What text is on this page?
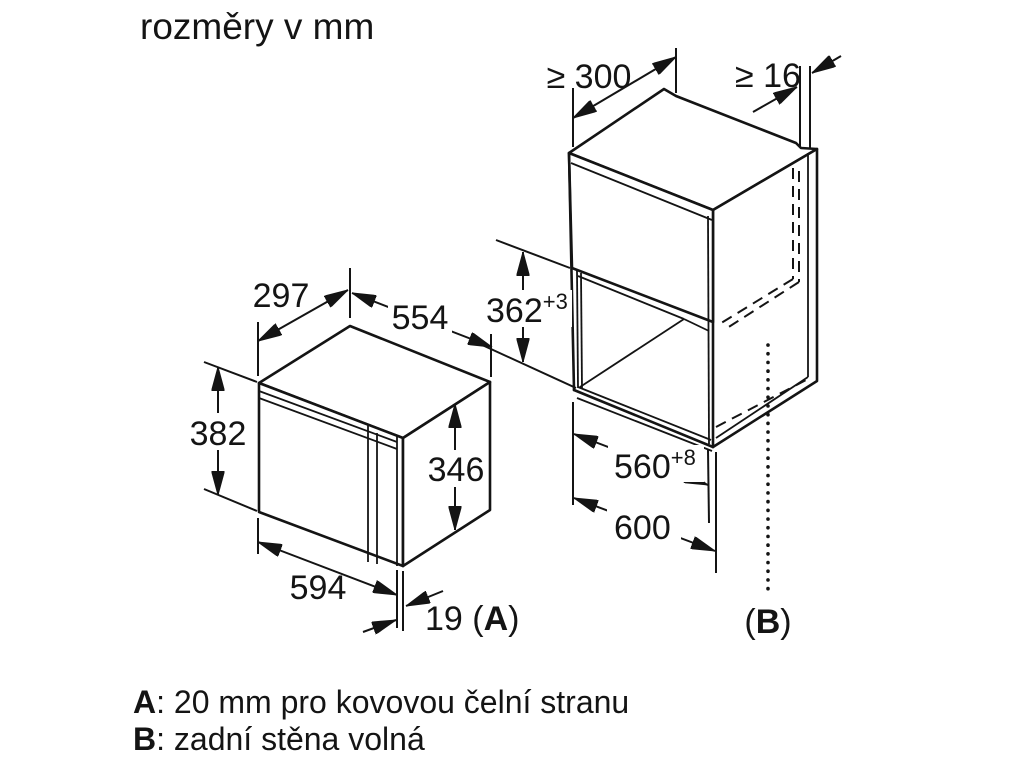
rozměry v mm
297
554
382
346
594
19 (A)
≥ 300	≥ 16
$362^{+3}$
$560^{+8}$
600
(B)
A: 20 mm pro kovovou čelní stranu
B: zadní stěna volná
